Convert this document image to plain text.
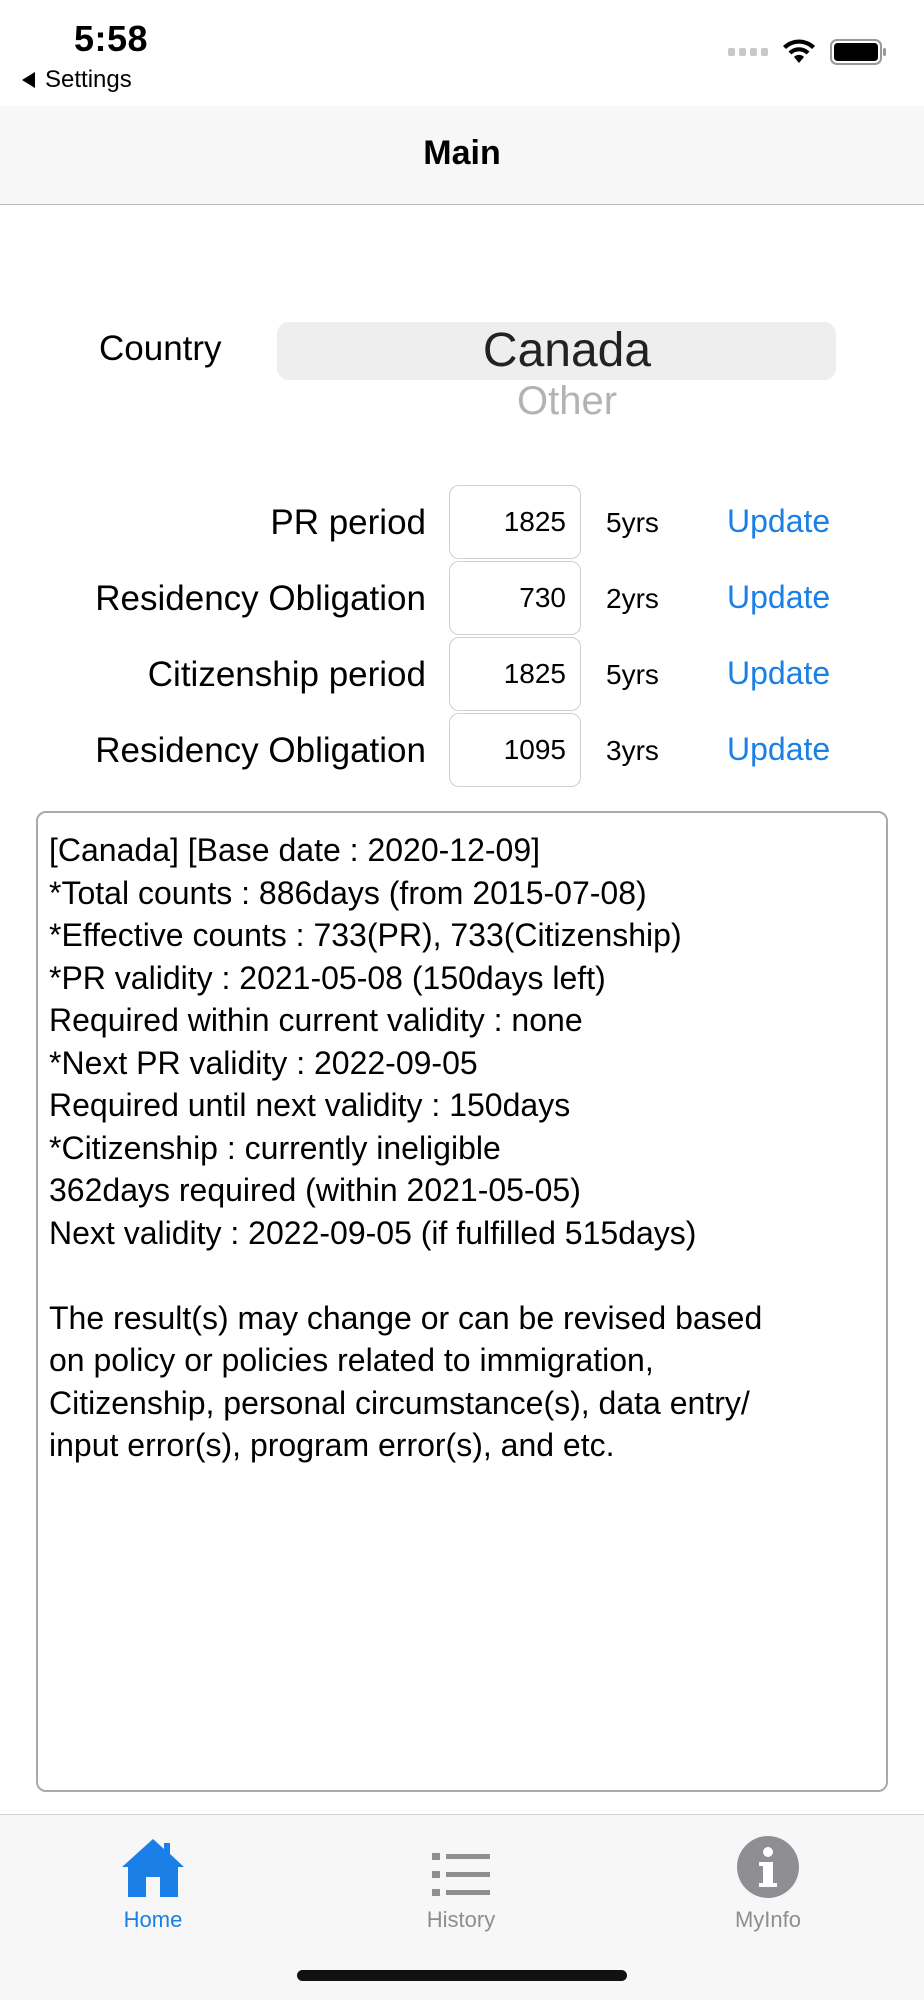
5:58
Settings
Main
Country	Canada
Other
PR period	1825	5yrs Update
Residency Obligation	730	2yrs Update
Citizenship period	1825	5yrs Update
Residency Obligation	1095	3yrs Update
[Canada] [Base date : 2020-12-09]
*Total counts : 886days (from 2015-07-08)
*Effective counts : 733(PR), 733(Citizenship)
*PR validity : 2021-05-08 (150days left)
Required within current validity : none
*Next PR validity : 2022-09-05
Required until next validity : 150days
*Citizenship : currently ineligible
362days required (within 2021-05-05)
Next validity : 2022-09-05 (if fulfilled 515days)
The result(s) may change or can be revised based
on policy or policies related to immigration,
Citizenship, personal circumstance(s), data entry/
input error(s), program error(s), and etc.
Home	History	MyInfo
